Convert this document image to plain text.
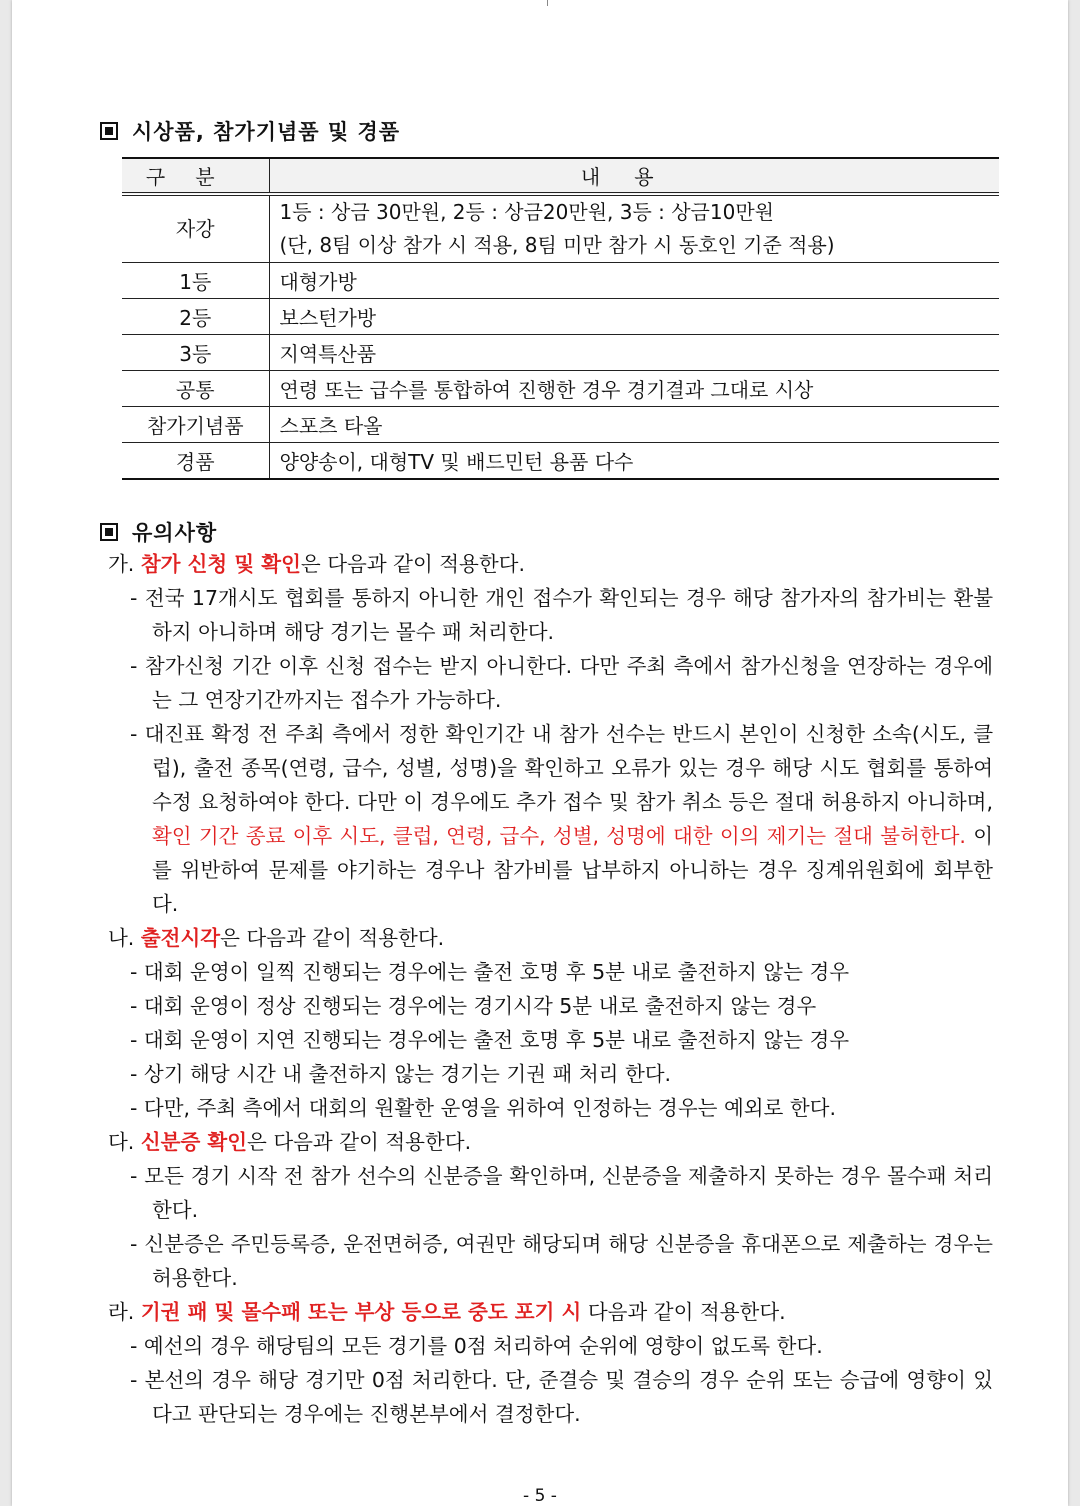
시상품, 참가기념품 및 경품
구분	내용
자강	1등 : 상금 30만원, 2등 : 상금20만원, 3등 : 상금10만원
(단, 8팀 이상 참가 시 적용, 8팀 미만 참가 시 동호인 기준 적용)

1등	대형가방
2등	보스턴가방
3등	지역특산품
공통	연령 또는 급수를 통합하여 진행한 경우 경기결과 그대로 시상
참가기념품	스포츠 타올
경품	양양송이, 대형TV 및 배드민턴 용품 다수
유의사항

가. 참가 신청 및 확인은 다음과 같이 적용한다.

- 전국 17개시도 협회를 통하지 아니한 개인 접수가 확인되는 경우 해당 참가자의 참가비는 환불하지 아니하며 해당 경기는 몰수 패 처리한다.

- 참가신청 기간 이후 신청 접수는 받지 아니한다. 다만 주최 측에서 참가신청을 연장하는 경우에는 그 연장기간까지는 접수가 가능하다.

- 대진표 확정 전 주최 측에서 정한 확인기간 내 참가 선수는 반드시 본인이 신청한 소속(시도, 클럽), 출전 종목(연령, 급수, 성별, 성명)을 확인하고 오류가 있는 경우 해당 시도 협회를 통하여 수정 요청하여야 한다. 다만 이 경우에도 추가 접수 및 참가 취소 등은 절대 허용하지 아니하며, 확인 기간 종료 이후 시도, 클럽, 연령, 급수, 성별, 성명에 대한 이의 제기는 절대 불허한다. 이를 위반하여 문제를 야기하는 경우나 참가비를 납부하지 아니하는 경우 징계위원회에 회부한다.

나. 출전시각은 다음과 같이 적용한다.

- 대회 운영이 일찍 진행되는 경우에는 출전 호명 후 5분 내로 출전하지 않는 경우

- 대회 운영이 정상 진행되는 경우에는 경기시각 5분 내로 출전하지 않는 경우

- 대회 운영이 지연 진행되는 경우에는 출전 호명 후 5분 내로 출전하지 않는 경우

- 상기 해당 시간 내 출전하지 않는 경기는 기권 패 처리 한다.

- 다만, 주최 측에서 대회의 원활한 운영을 위하여 인정하는 경우는 예외로 한다.

다. 신분증 확인은 다음과 같이 적용한다.

- 모든 경기 시작 전 참가 선수의 신분증을 확인하며, 신분증을 제출하지 못하는 경우 몰수패 처리한다.

- 신분증은 주민등록증, 운전면허증, 여권만 해당되며 해당 신분증을 휴대폰으로 제출하는 경우는 허용한다.

라. 기권 패 및 몰수패 또는 부상 등으로 중도 포기 시 다음과 같이 적용한다.

- 예선의 경우 해당팀의 모든 경기를 0점 처리하여 순위에 영향이 없도록 한다.

- 본선의 경우 해당 경기만 0점 처리한다. 단, 준결승 및 결승의 경우 순위 또는 승급에 영향이 있다고 판단되는 경우에는 진행본부에서 결정한다.

- 5 -
